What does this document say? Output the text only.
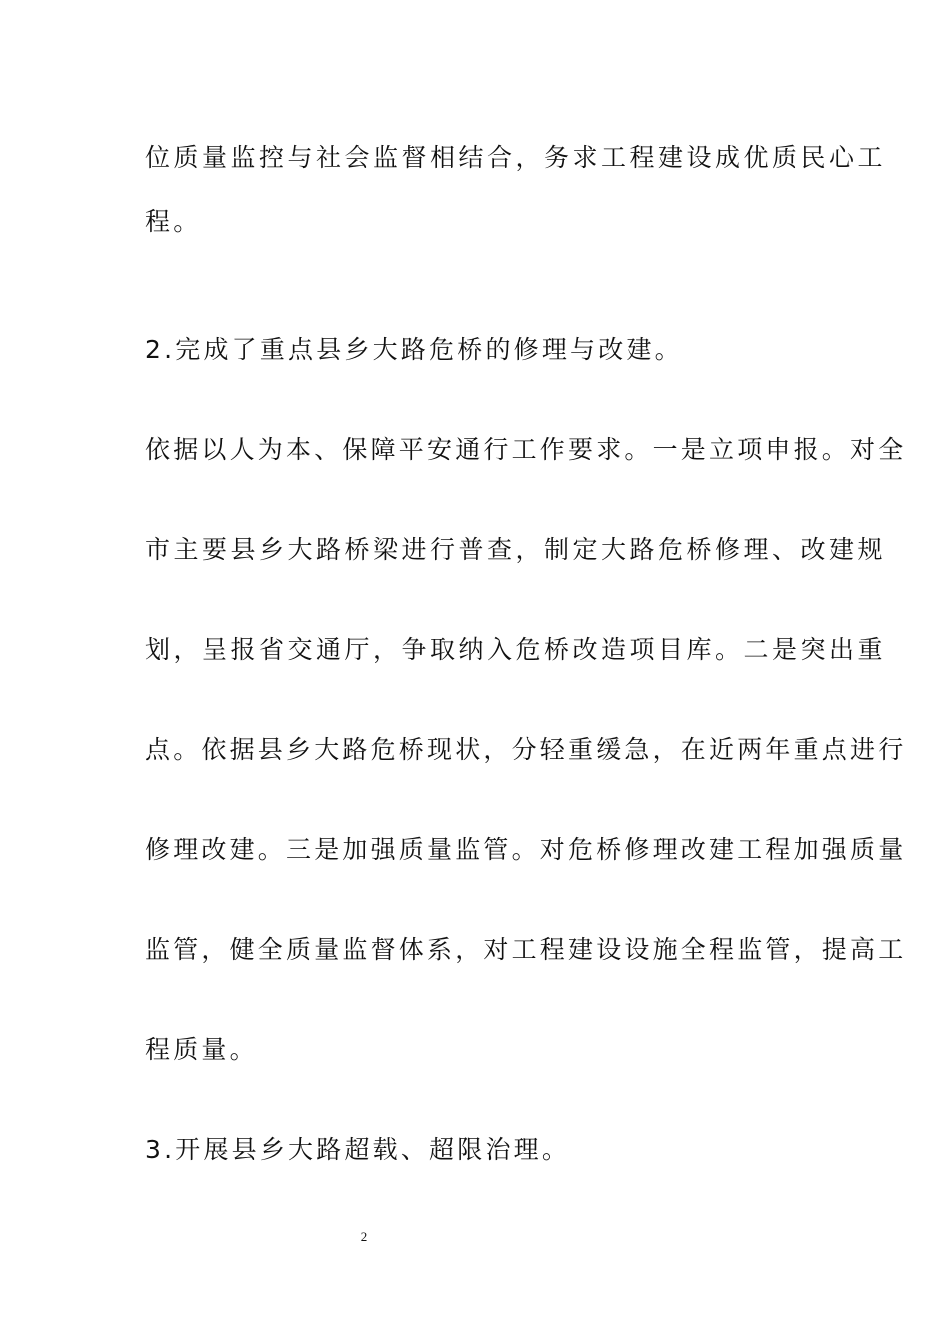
位质量监控与社会监督相结合，务求工程建设成优质民心工
程。
2.完成了重点县乡大路危桥的修理与改建。
依据以人为本、保障平安通行工作要求。一是立项申报。对全
市主要县乡大路桥梁进行普查，制定大路危桥修理、改建规
划，呈报省交通厅，争取纳入危桥改造项目库。二是突出重
点。依据县乡大路危桥现状，分轻重缓急，在近两年重点进行
修理改建。三是加强质量监管。对危桥修理改建工程加强质量
监管，健全质量监督体系，对工程建设设施全程监管，提高工
程质量。
3.开展县乡大路超载、超限治理。
2
